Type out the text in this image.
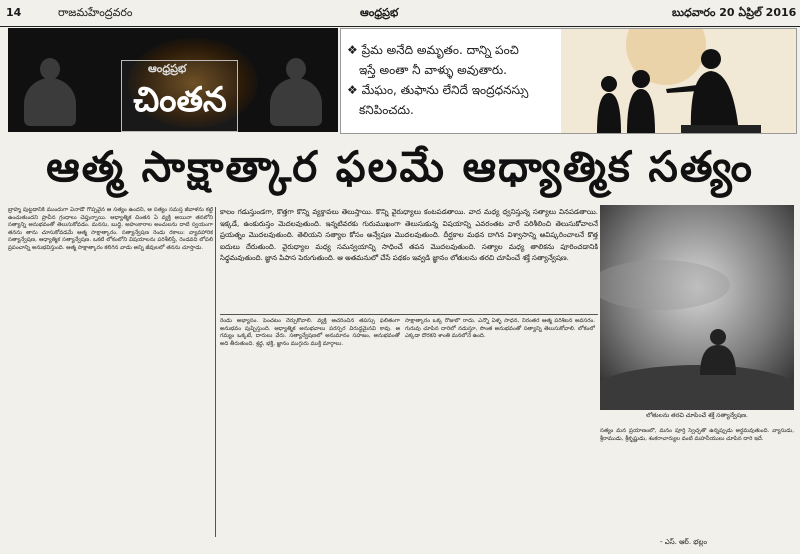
14	రాజమహేంద్రవరం	ఆంధ్రప్రభ	బుధవారం 20 ఏప్రిల్ 2016
ఆంధ్రప్రభ
చింతన

❖ ప్రేమ అనేది అమృతం. దాన్ని పంచి

ఇస్తే అంతా నీ వాళ్ళు అవుతారు.

❖ మేఘం, తుఫాను లేనిదే ఇంద్రధనస్సు

కనిపించదు.

ఆత్మ సాక్షాత్కార ఫలమే ఆధ్యాత్మిక సత్యం

బ్రాహ్మ పుట్టడానికి ముందుగా ఏనాడో గొప్పవైన ఆ సత్యం ఉందని, ఆ సత్యం సమస్త జీవాళను కట్టి ఉంచుతుందని ప్రాచీన గ్రంధాలు చెప్తున్నాయి. ఆధ్యాత్మిక చింతన ఏ వ్యక్తి అయినా తనలోని సత్యాన్ని అనుభవంతో తెలుసుకోవడం. మనసు, బుద్ధి, అహంకారాల అంచులను దాటి స్వయంగా తనను తాను చూసుకోవడమే ఆత్మ సాక్షాత్కారం. సత్యాన్వేషణ రెండు రకాలు: వ్యావహారిక సత్యాన్వేషణ, ఆధ్యాత్మిక సత్యాన్వేషణ. ఒకటి లోకంలోని విషయాలను పరిశీలిస్తే, రెండవది లోపలి ప్రపంచాన్ని అనుభవిస్తుంది. ఆత్మ సాక్షాత్కారం కలిగిన వాడు అన్ని జీవులలో తనను చూస్తాడు.

కాలం గడుస్తుండగా, కొత్తగా కొన్ని వ్యక్తావలు తెలుస్తాయి. కొన్ని వైరుధ్యాలు కంటపడతాయి. వాద మధ్య ధ్వనిస్తున్న సత్యాలు వినపడతాయి. ఇక్కడే, ఉంకురుస్తం మెదలవుతుంది. ఇన్నటివరకు గురుముఖంగా తెలుసుకున్న విషయాన్ని ఎవరంతట వారే పరిశీలించి తెలుసుకోవాలనే ప్రయత్నం మొదలవుతుంది. తెలియని సత్యాల కోసం అన్వేషణ మొదలవుతుంది. దీర్ఘకాల మథన దాగిన విశ్వాసాన్ని ఆవిష్కరించాలనే కొత్త ఐదులు దేరుతుంది. వైరుధ్యాల మధ్య సమన్వయాన్ని సాధించే తపన మొదలవుతుంది. సత్యాల మధ్య తాలికను పూరించడానికి సిధ్ధమవుతుంది. జ్ఞాన పిపాస పెరుగుతుంది. ఆ అతమనులో చేసే పథకం ఇవ్వడి జ్ఞానం లోతులను తరచి చూపించే శక్తే సత్యాన్వేషణ.

రెండు అభ్యాసం. పెంచటం నేర్చుకోవాలి. వ్యక్తి ఆచరించిన తపస్సు ఫలితంగా అనుభవం పుష్పిస్తుంది. ఆధ్యాత్మిక అనుభవాలు పరస్పర విరుద్ధమైనవి కావు. ఆ గమ్యం ఒక్కటే, దారులు వేరు. సత్యాన్వేషణలో అనుమానం సహజం, అనుభవంతో అది తీరుతుంది. శ్రద్ధ, భక్తి, జ్ఞానం ముగ్గురు ముక్తి మార్గాలు.

సాక్షాత్కారం ఒక్క రోజులో రాదు. ఎన్నో ఏళ్ళ సాధన, నిరంతర ఆత్మ పరిశీలన అవసరం. గురువు చూపిన దారిలో నడుస్తూ, సొంత అనుభవంతో సత్యాన్ని తెలుసుకోవాలి. లోకంలో ఎక్కడా దొరకని శాంతి మనలోనే ఉంది.

లోతులను తరచి చూపించే శక్తే సత్యాన్వేషణ.

సత్యం మన ప్రయాణంలో, మనం పూర్తి స్వేచ్ఛతో ఉన్నప్పుడు అర్ధమవుతుంది. వ్యాసుడు, శ్రీరాముడు, శ్రీకృష్ణుడు, శంకరాచార్యుల వంటి మహనీయులు చూపిన దారి ఇదే.

- ఎస్. ఆర్. భల్లం
